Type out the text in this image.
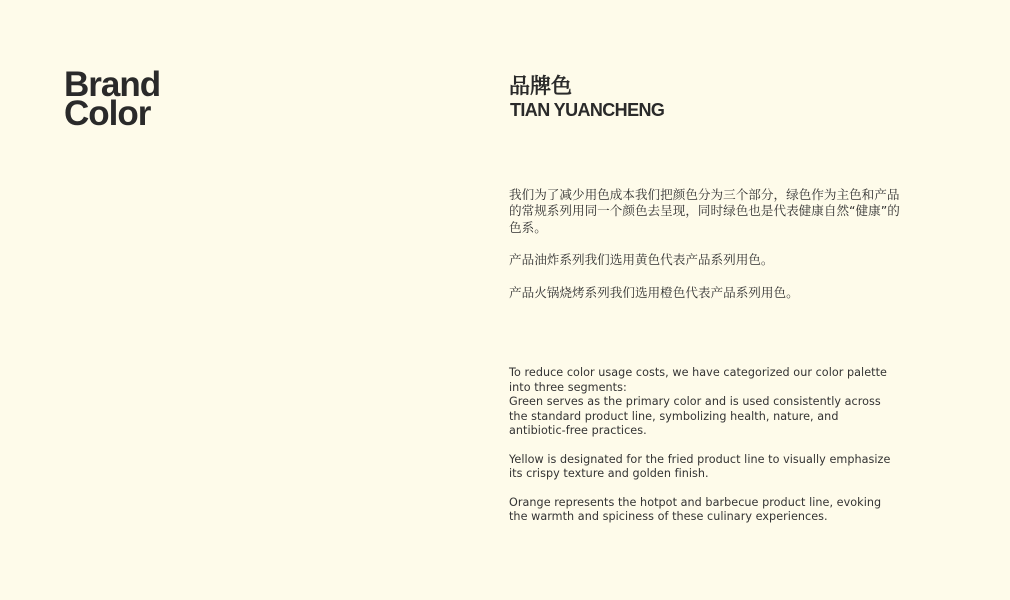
Brand
Color
品牌色
TIAN YUANCHENG

我们为了减少用色成本我们把颜色分为三个部分，绿色作为主色和产品的常规系列用同一个颜色去呈现，同时绿色也是代表健康自然“健康”的色系。

产品油炸系列我们选用黄色代表产品系列用色。

产品火锅烧烤系列我们选用橙色代表产品系列用色。

To reduce color usage costs, we have categorized our color palette into three segments:
Green serves as the primary color and is used consistently across the standard product line, symbolizing health, nature, and antibiotic-free practices.

Yellow is designated for the fried product line to visually emphasize its crispy texture and golden finish.

Orange represents the hotpot and barbecue product line, evoking the warmth and spiciness of these culinary experiences.
